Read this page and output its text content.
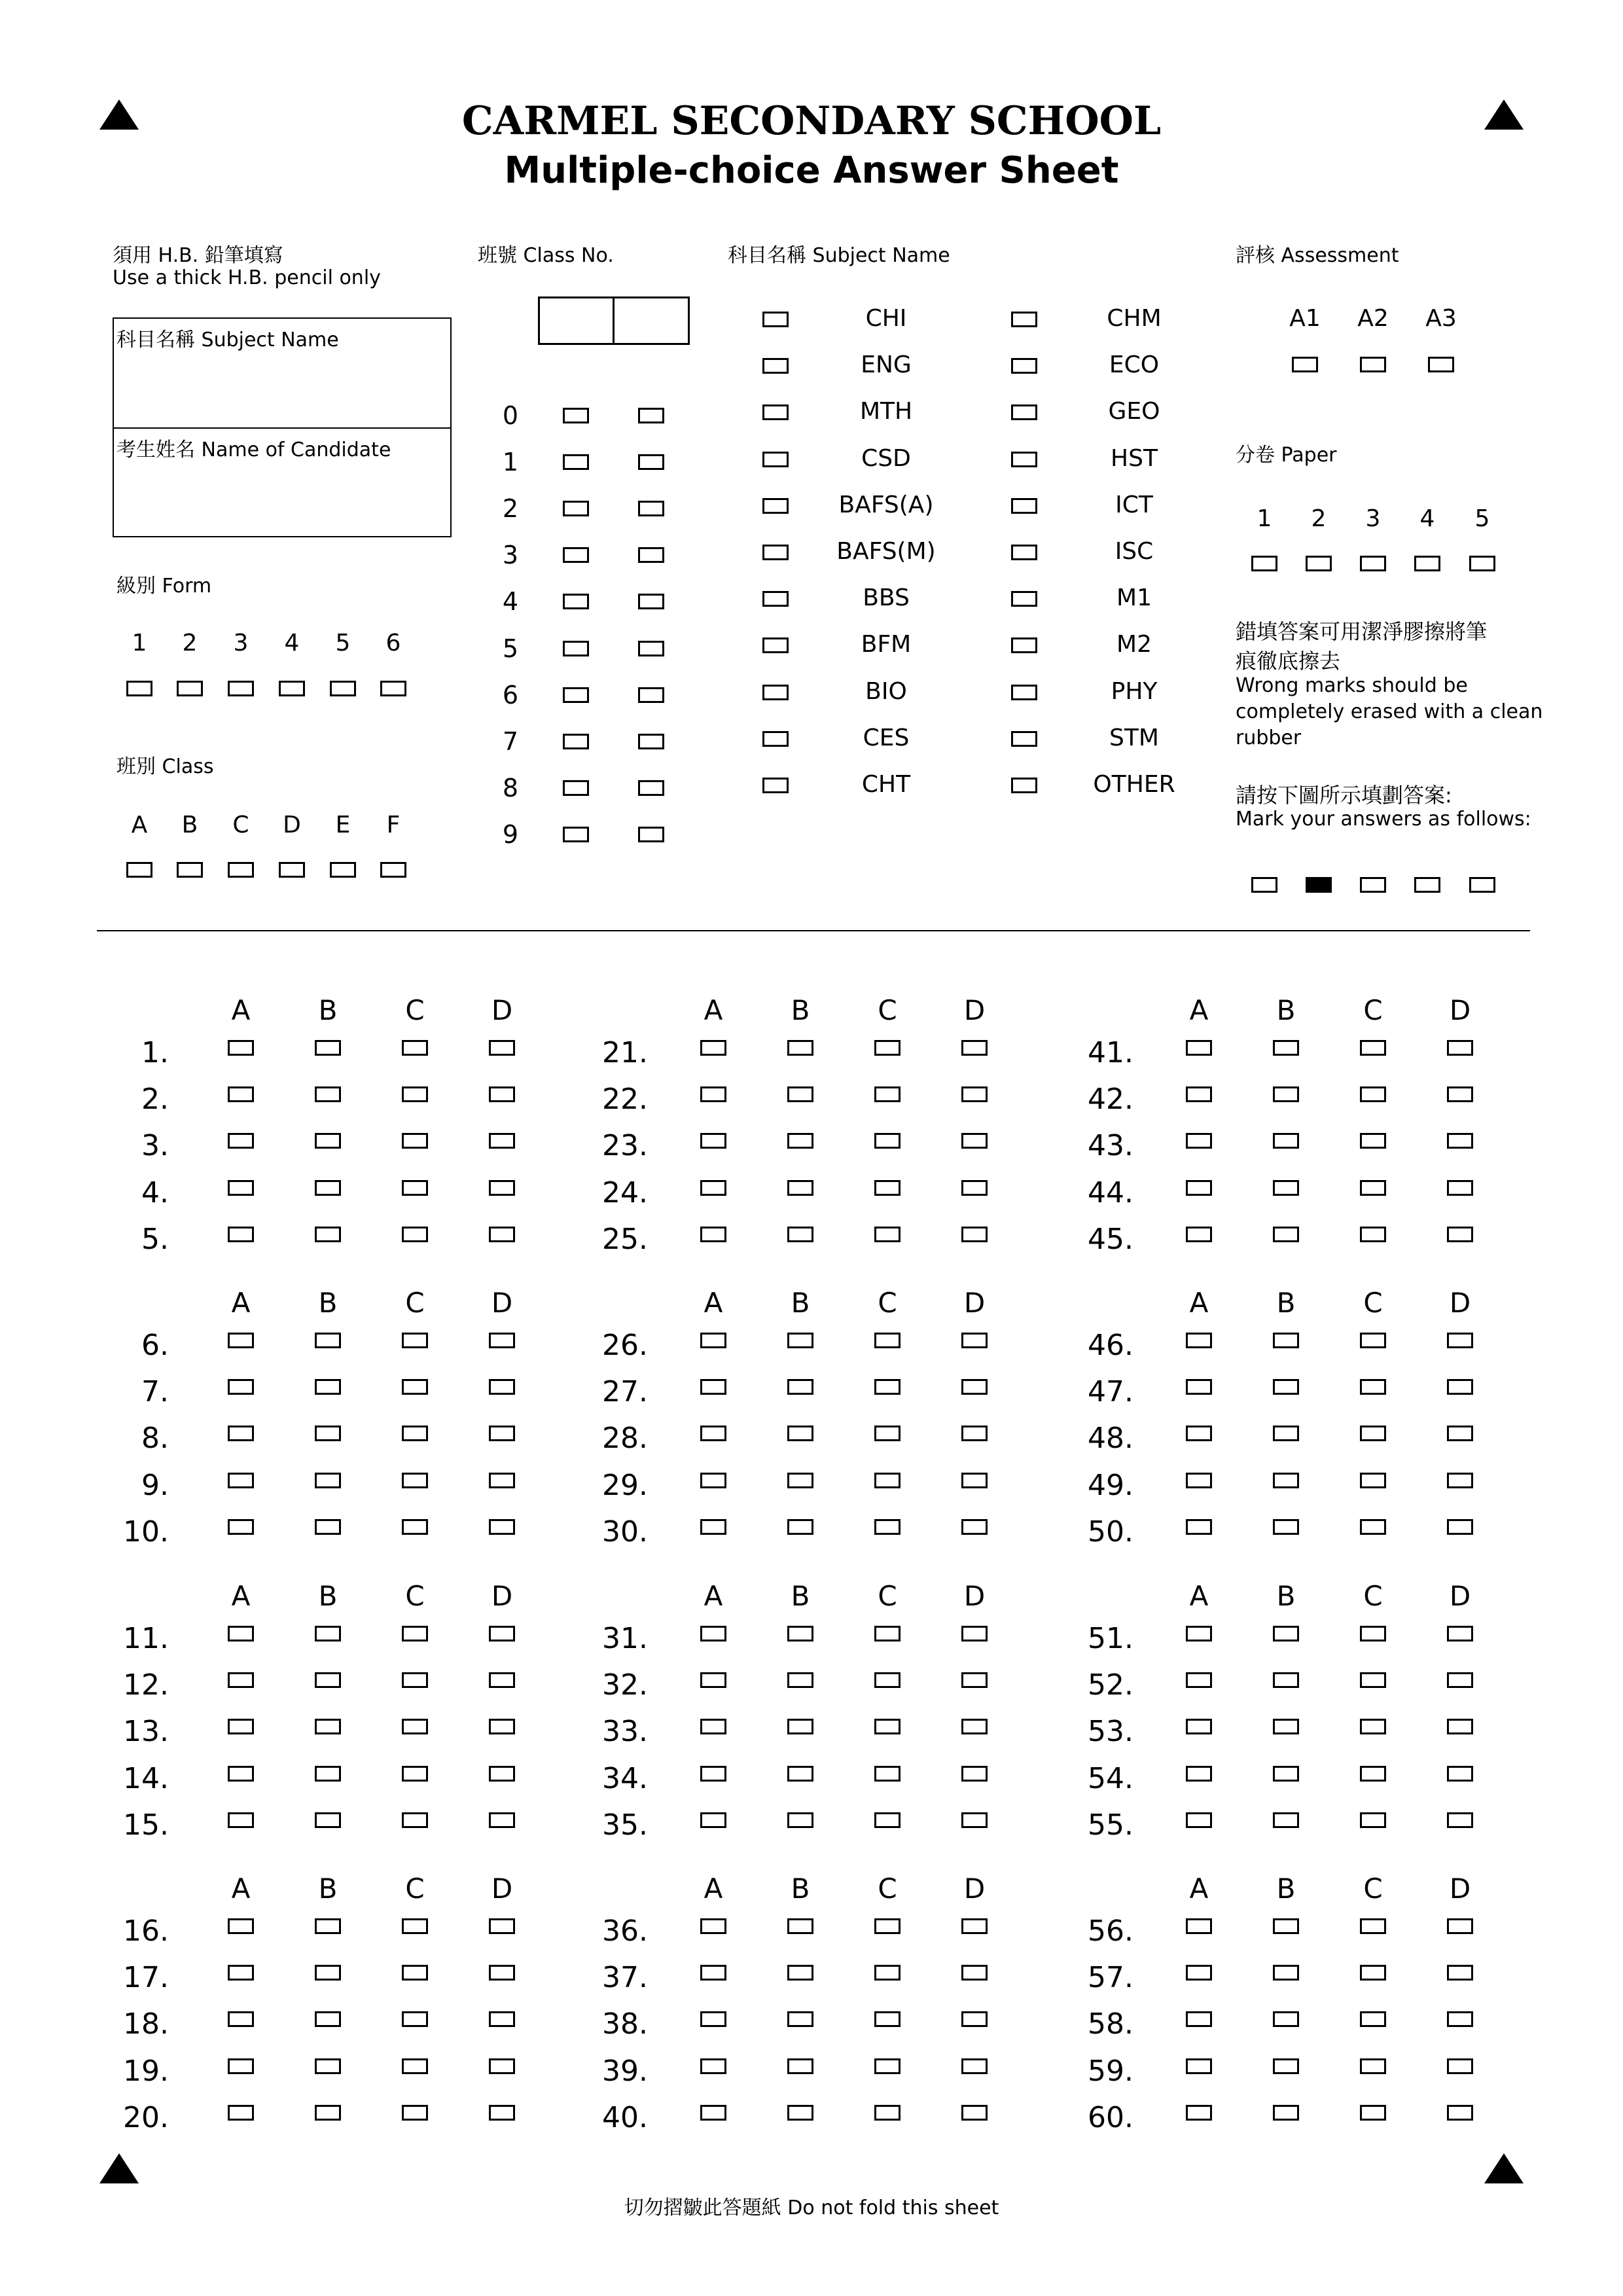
CARMEL SECONDARY SCHOOL
Multiple-choice Answer Sheet
須用 H.B. 鉛筆填寫
Use a thick H.B. pencil only
科目名稱 Subject Name
考生姓名 Name of Candidate
級別 Form
1	2	3	4	5	6
班別 Class
A	B	C	D	E	F
班號 Class No.
0
1
2
3
4
5
6
7
8
9
科目名稱 Subject Name
CHI	CHM
ENG	ECO
MTH	GEO
CSD	HST
BAFS(A)	ICT
BAFS(M)	ISC
BBS	M1
BFM	M2
BIO	PHY
CES	STM
CHT	OTHER
評核 Assessment
A1	A2	A3
分卷 Paper
1	2	3	4	5
錯填答案可用潔淨膠擦將筆
痕徹底擦去
Wrong marks should be
completely erased with a clean
rubber
請按下圖所示填劃答案:
Mark your answers as follows:
A	B	C	D
1.
2.
3.
4.
5.
A	B	C	D
6.
7.
8.
9.
10.
A	B	C	D
11.
12.
13.
14.
15.
A	B	C	D
16.
17.
18.
19.
20.
A	B	C	D
21.
22.
23.
24.
25.
A	B	C	D
26.
27.
28.
29.
30.
A	B	C	D
31.
32.
33.
34.
35.
A	B	C	D
36.
37.
38.
39.
40.
A	B	C	D
41.
42.
43.
44.
45.
A	B	C	D
46.
47.
48.
49.
50.
A	B	C	D
51.
52.
53.
54.
55.
A	B	C	D
56.
57.
58.
59.
60.
切勿摺皺此答題紙 Do not fold this sheet
